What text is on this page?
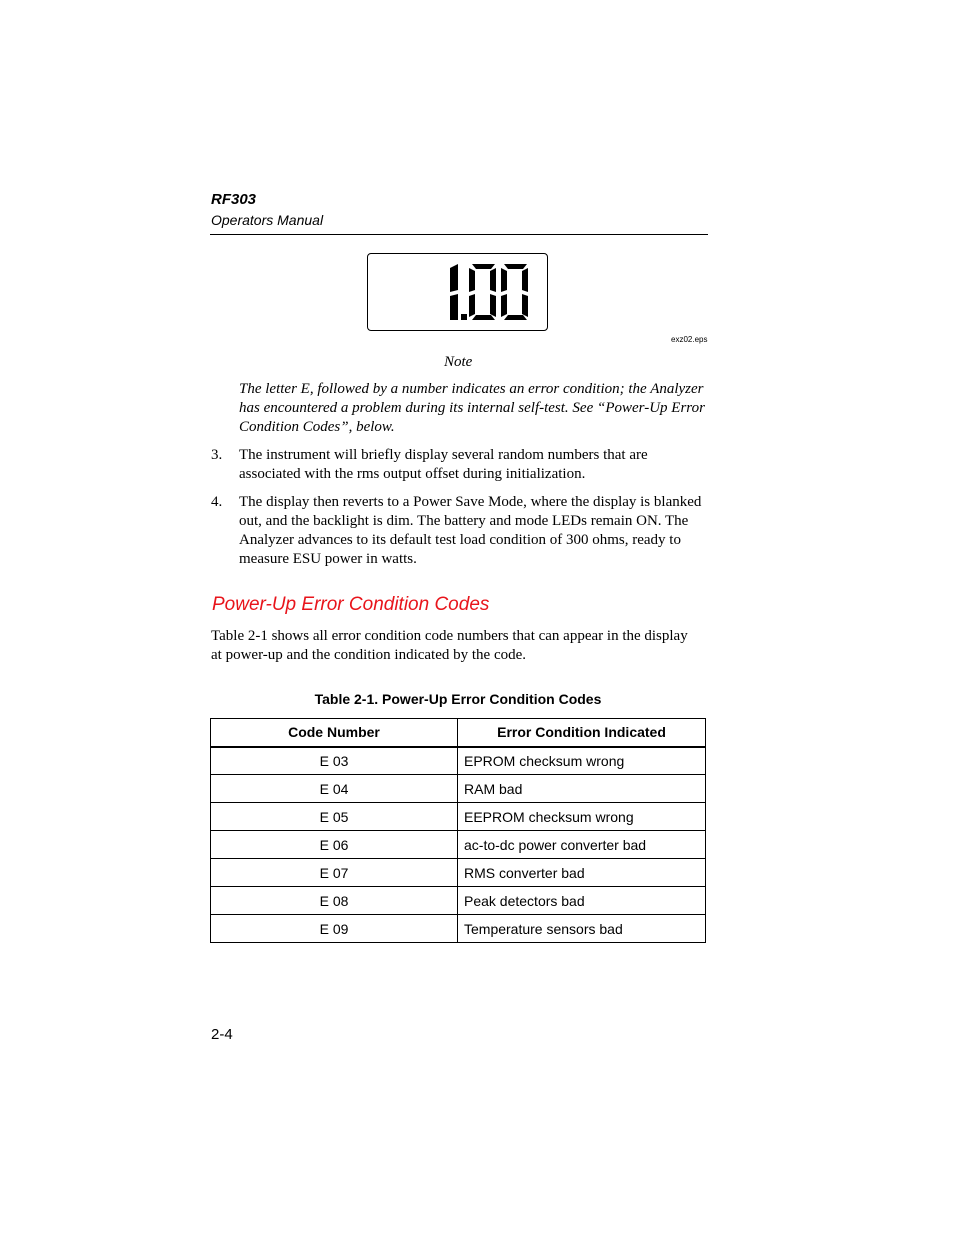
RF303
Operators Manual
exz02.eps
Note

The letter E, followed by a number indicates an error condition; the Analyzer has encountered a problem during its internal self-test. See “Power-Up Error Condition Codes”, below.

3. The instrument will briefly display several random numbers that are associated with the rms output offset during initialization.

4. The display then reverts to a Power Save Mode, where the display is blanked out, and the backlight is dim. The battery and mode LEDs remain ON. The Analyzer advances to its default test load condition of 300 ohms, ready to measure ESU power in watts.

Power-Up Error Condition Codes

Table 2-1 shows all error condition code numbers that can appear in the display at power-up and the condition indicated by the code.

Table 2-1. Power-Up Error Condition Codes
Code Number	Error Condition Indicated
E 03	EPROM checksum wrong
E 04	RAM bad
E 05	EEPROM checksum wrong
E 06	ac-to-dc power converter bad
E 07	RMS converter bad
E 08	Peak detectors bad
E 09	Temperature sensors bad
2-4
